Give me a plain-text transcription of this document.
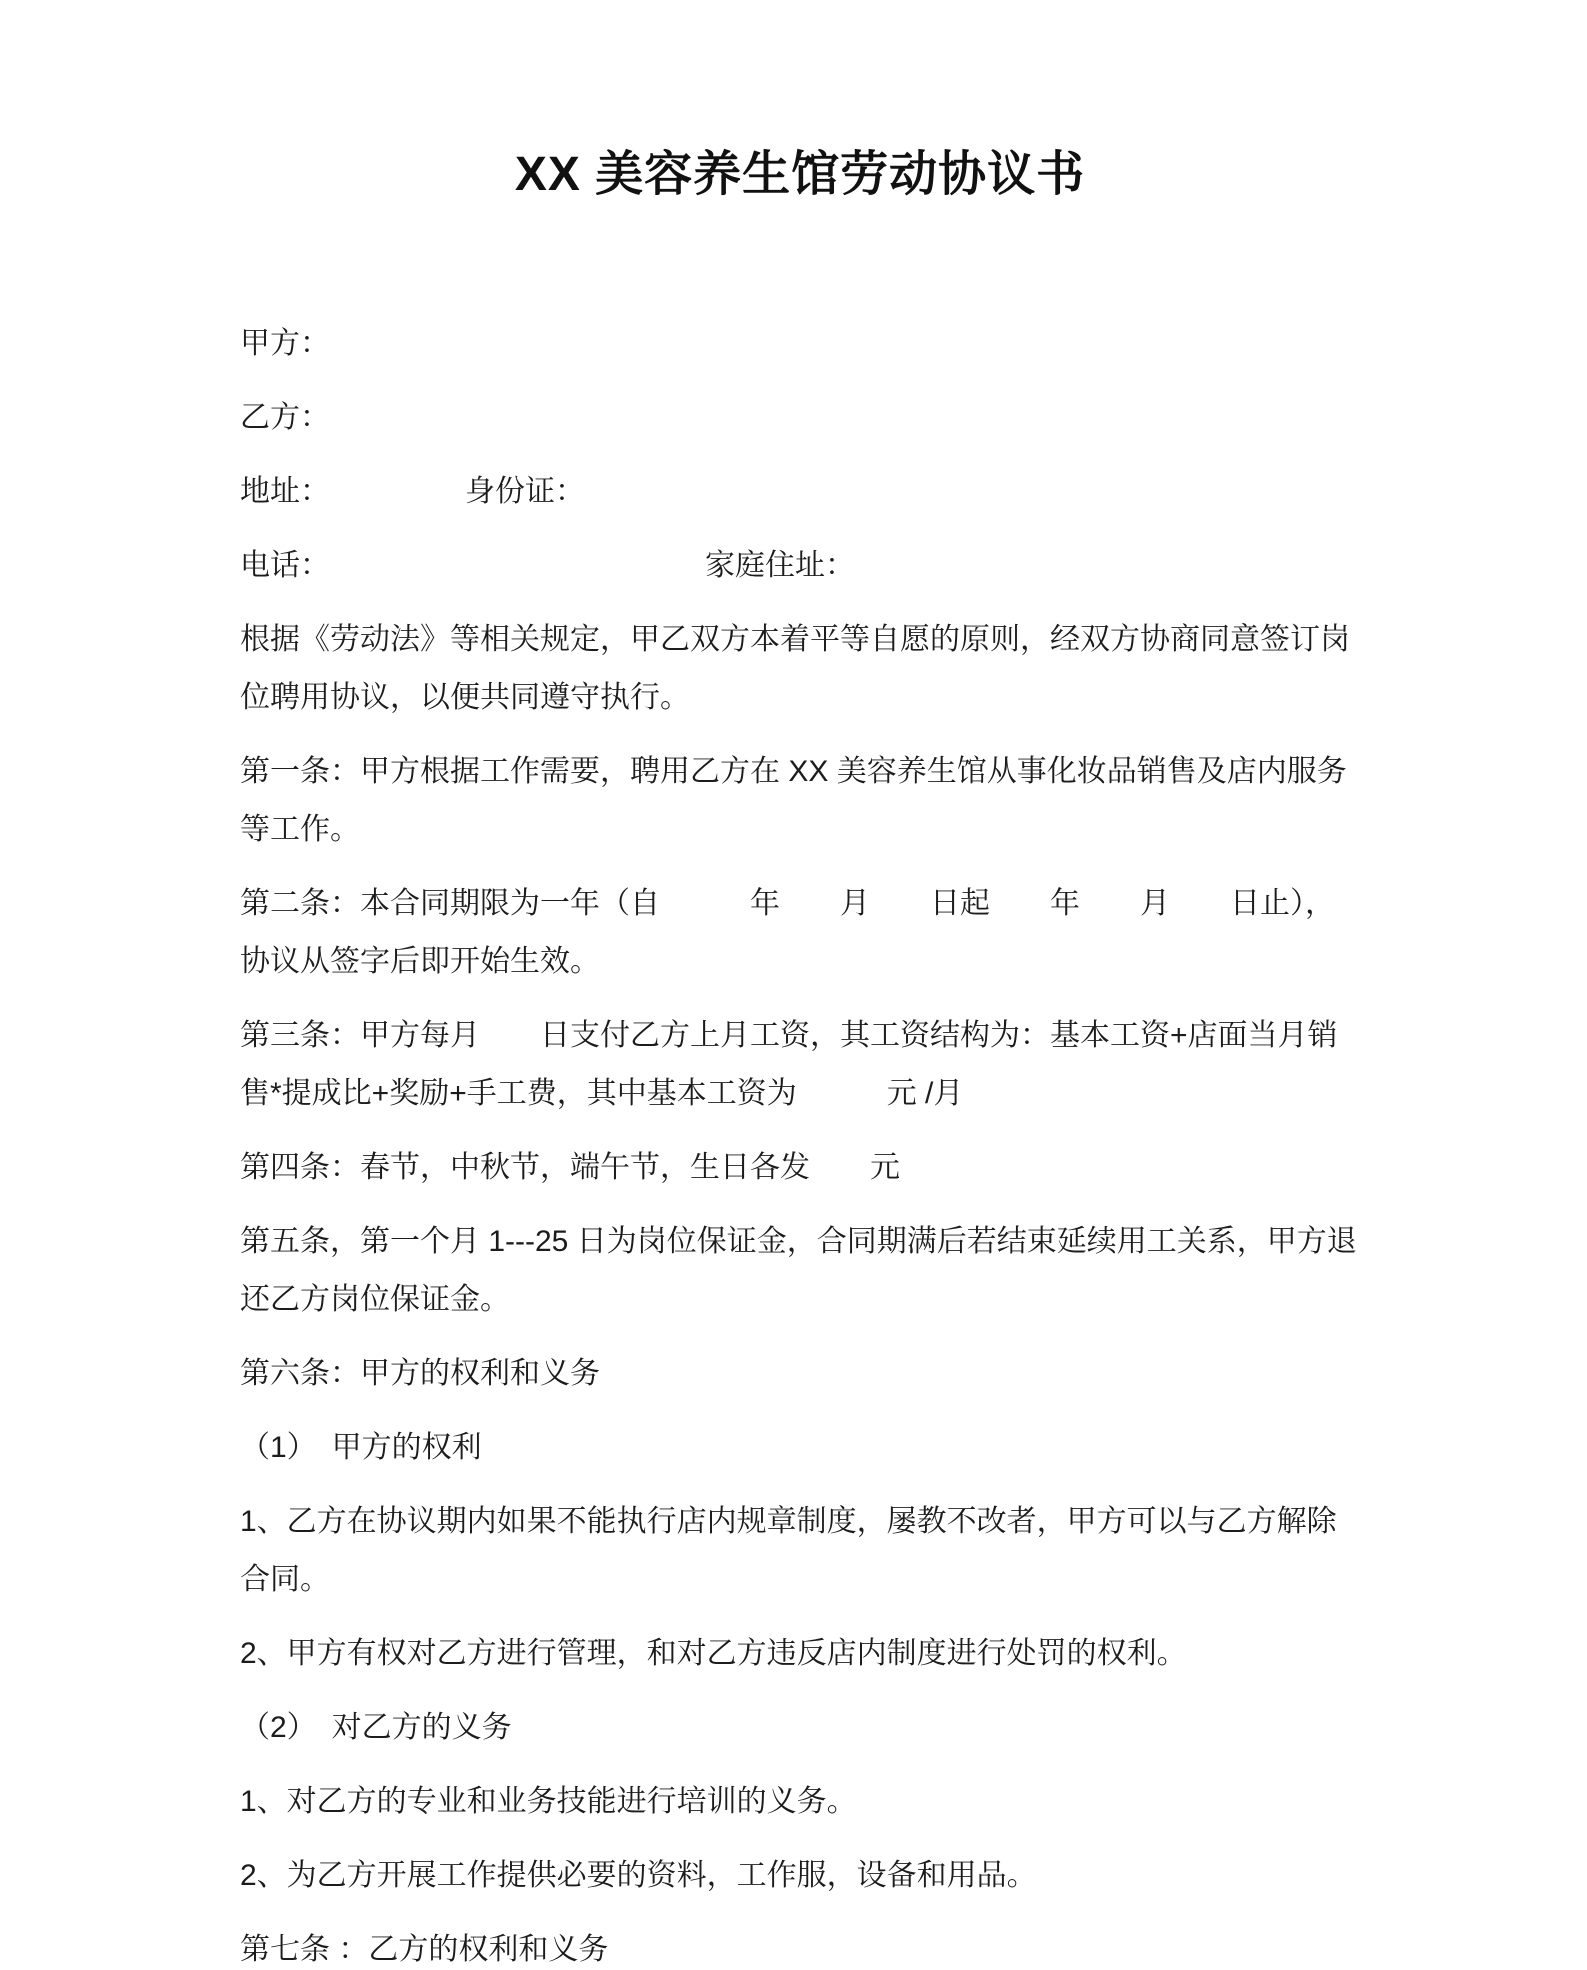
XX 美容养生馆劳动协议书

甲方：

乙方：

地址：　　　　　身份证：

电话：　　　　　　　　　　　　　家庭住址：

根据《劳动法》等相关规定，甲乙双方本着平等自愿的原则，经双方协商同意签订岗位聘用协议，以便共同遵守执行。

第一条：甲方根据工作需要，聘用乙方在 XX 美容养生馆从事化妆品销售及店内服务等工作。

第二条：本合同期限为一年（自　　　年　　月　　日起　　年　　月　　日止），协议从签字后即开始生效。

第三条：甲方每月　　日支付乙方上月工资，其工资结构为：基本工资+店面当月销售*提成比+奖励+手工费，其中基本工资为　　　元 /月

第四条：春节，中秋节，端午节，生日各发　　元

第五条，第一个月 1---25 日为岗位保证金，合同期满后若结束延续用工关系，甲方退还乙方岗位保证金。

第六条：甲方的权利和义务

（1）　甲方的权利

1、乙方在协议期内如果不能执行店内规章制度，屡教不改者，甲方可以与乙方解除合同。

2、甲方有权对乙方进行管理，和对乙方违反店内制度进行处罚的权利。

（2）　对乙方的义务

1、对乙方的专业和业务技能进行培训的义务。

2、为乙方开展工作提供必要的资料，工作服，设备和用品。

第七条 ：乙方的权利和义务
